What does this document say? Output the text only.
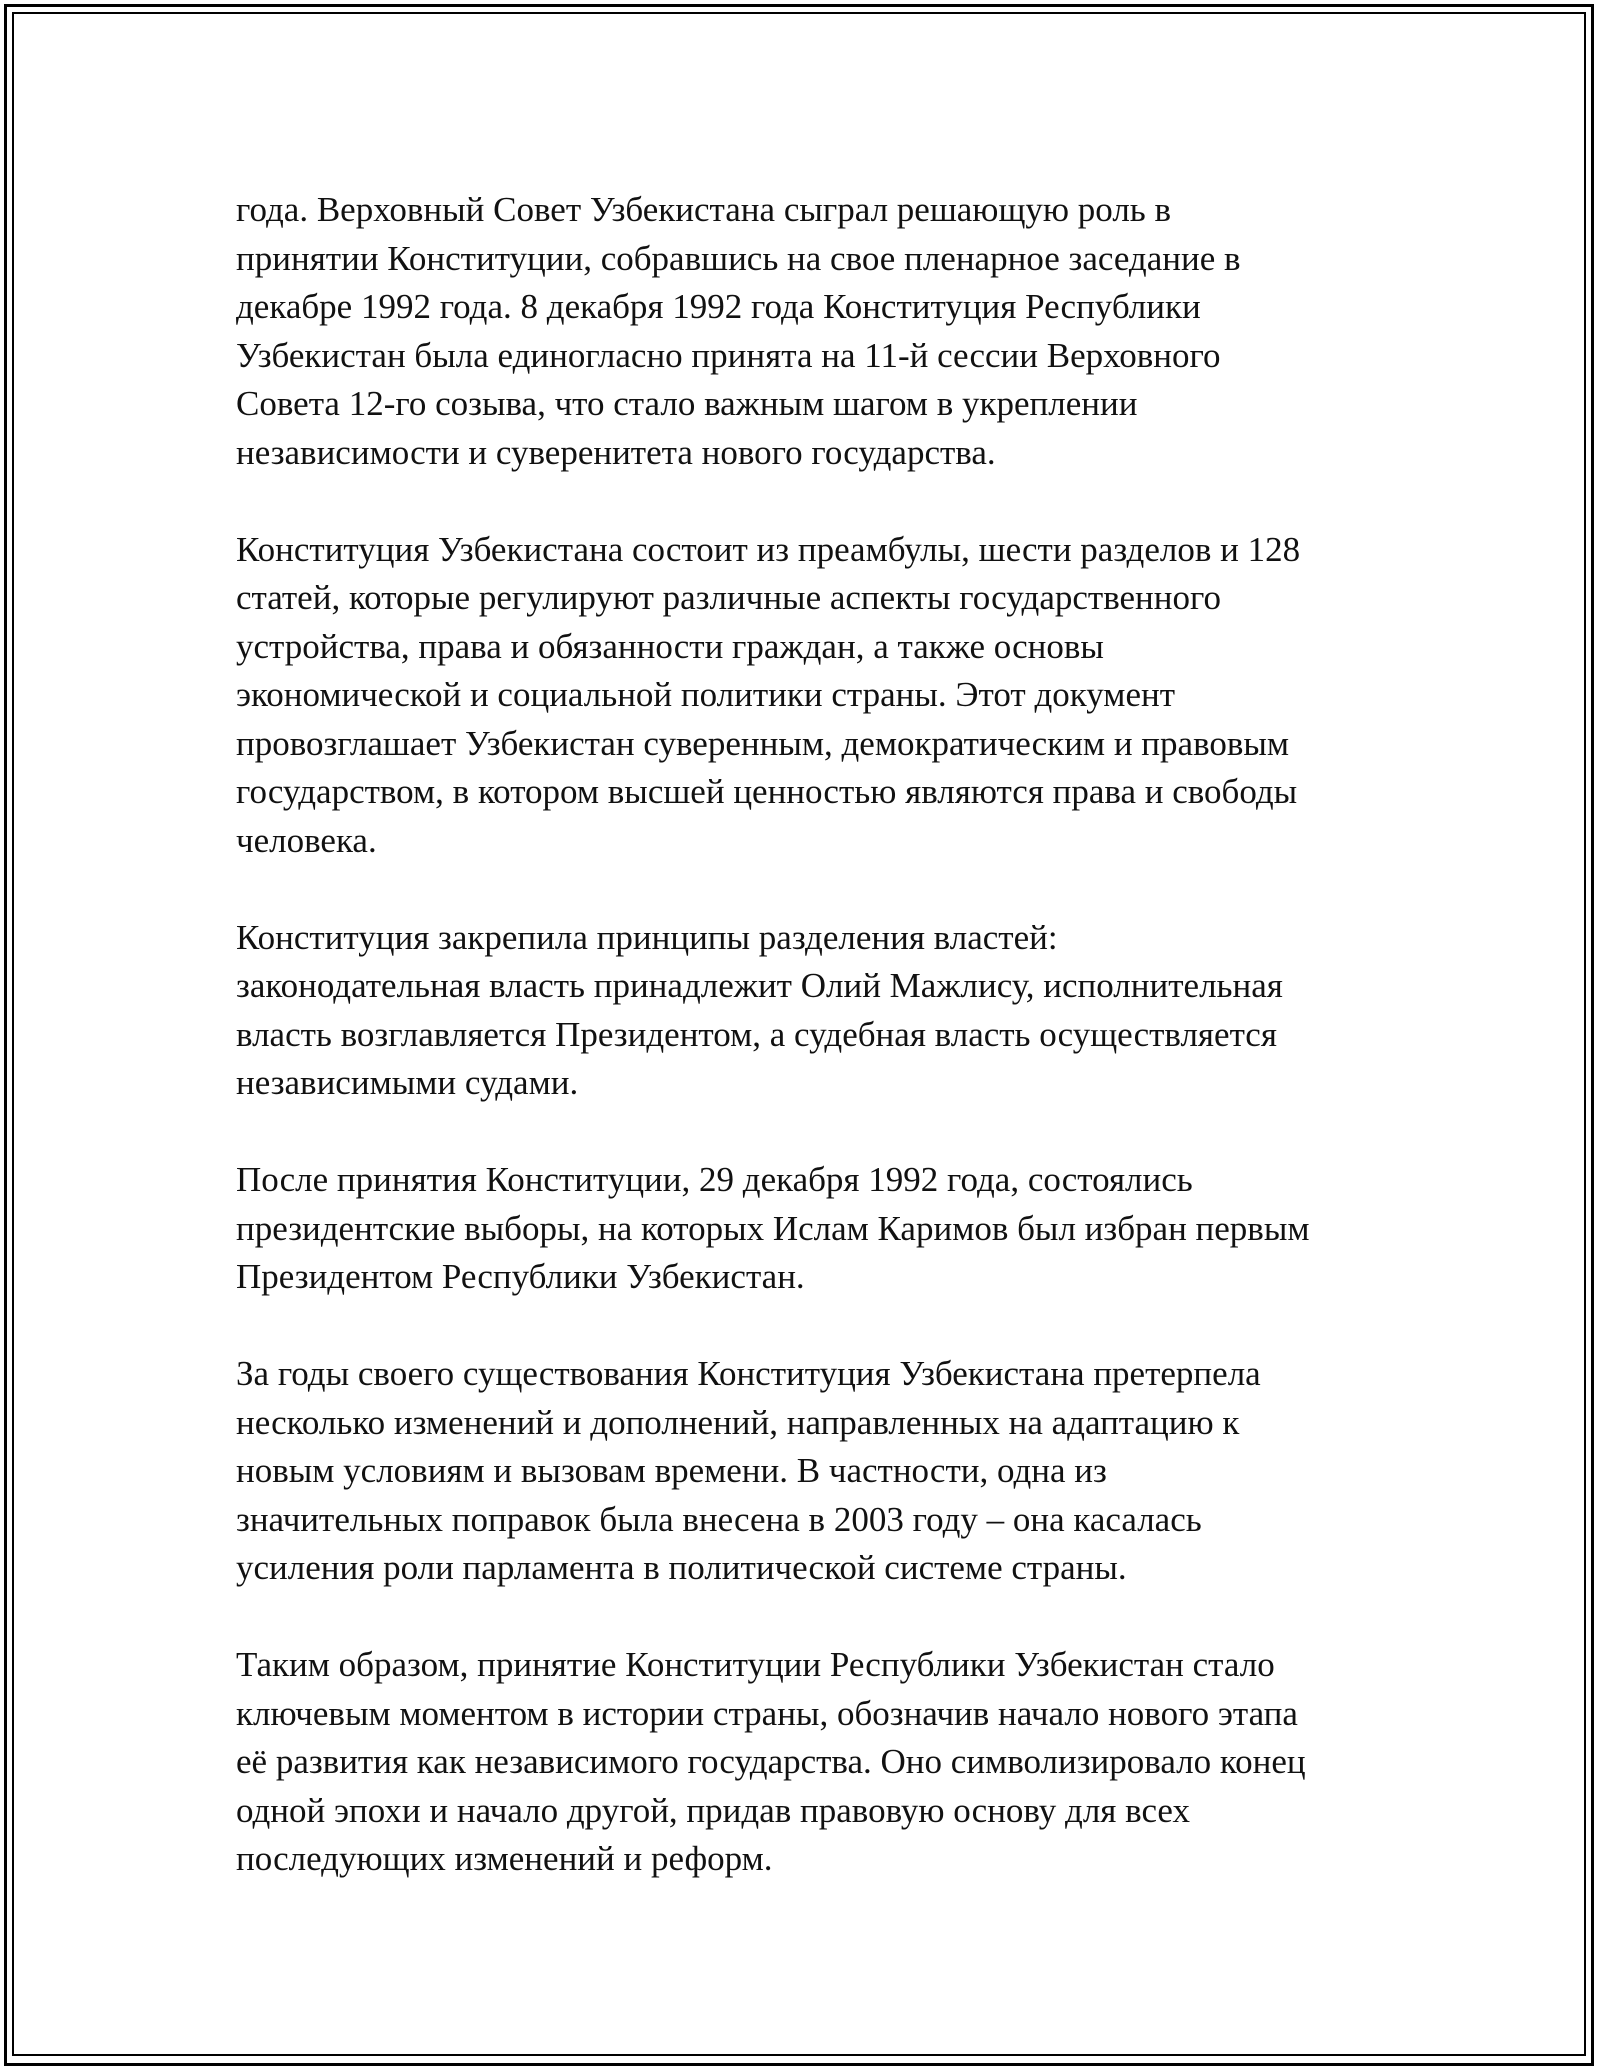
года. Верховный Совет Узбекистана сыграл решающую роль в
принятии Конституции, собравшись на свое пленарное заседание в
декабре 1992 года. 8 декабря 1992 года Конституция Республики
Узбекистан была единогласно принята на 11-й сессии Верховного
Совета 12-го созыва, что стало важным шагом в укреплении
независимости и суверенитета нового государства.

Конституция Узбекистана состоит из преамбулы, шести разделов и 128
статей, которые регулируют различные аспекты государственного
устройства, права и обязанности граждан, а также основы
экономической и социальной политики страны. Этот документ
провозглашает Узбекистан суверенным, демократическим и правовым
государством, в котором высшей ценностью являются права и свободы
человека.

Конституция закрепила принципы разделения властей:
законодательная власть принадлежит Олий Мажлису, исполнительная
власть возглавляется Президентом, а судебная власть осуществляется
независимыми судами.

После принятия Конституции, 29 декабря 1992 года, состоялись
президентские выборы, на которых Ислам Каримов был избран первым
Президентом Республики Узбекистан.

За годы своего существования Конституция Узбекистана претерпела
несколько изменений и дополнений, направленных на адаптацию к
новым условиям и вызовам времени. В частности, одна из
значительных поправок была внесена в 2003 году – она касалась
усиления роли парламента в политической системе страны.

Таким образом, принятие Конституции Республики Узбекистан стало
ключевым моментом в истории страны, обозначив начало нового этапа
её развития как независимого государства. Оно символизировало конец
одной эпохи и начало другой, придав правовую основу для всех
последующих изменений и реформ.
